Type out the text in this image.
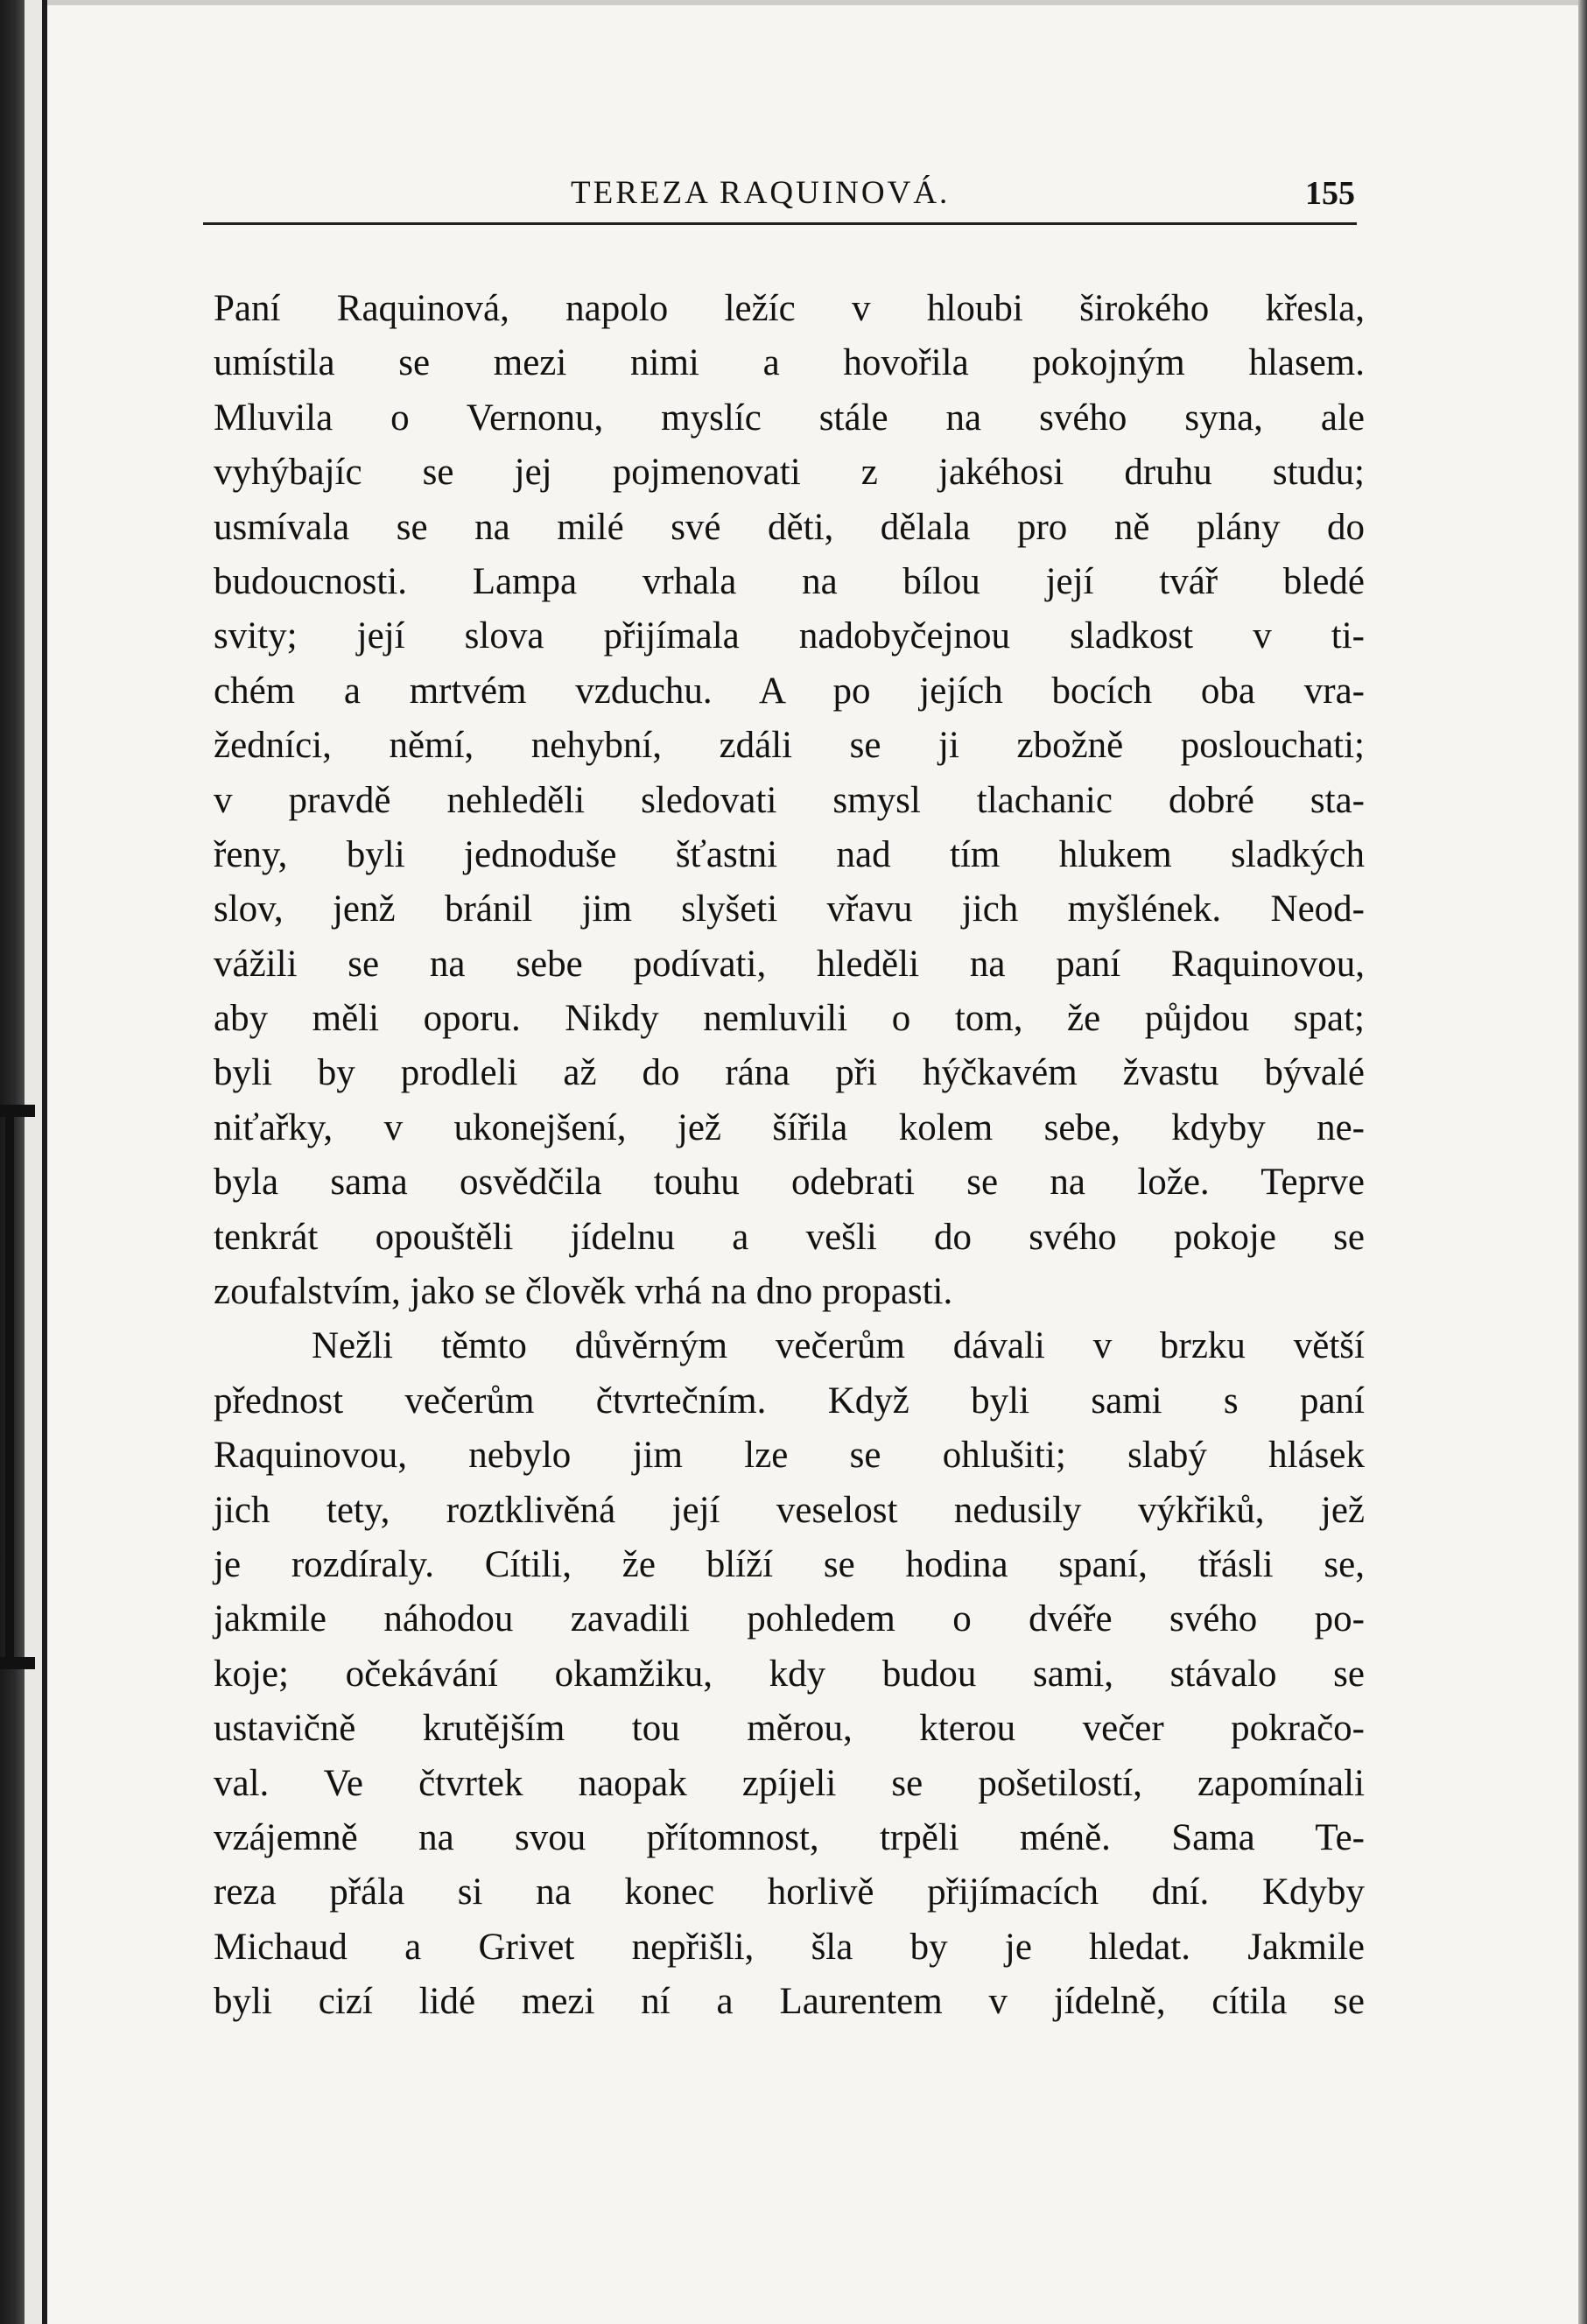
TEREZA RAQUINOVÁ.	155
Paní Raquinová, napolo ležíc v hloubi širokého křesla,
umístila se mezi nimi a hovořila pokojným hlasem.
Mluvila o Vernonu, myslíc stále na svého syna, ale
vyhýbajíc se jej pojmenovati z jakéhosi druhu studu;
usmívala se na milé své děti, dělala pro ně plány do
budoucnosti. Lampa vrhala na bílou její tvář bledé
svity; její slova přijímala nadobyčejnou sladkost v ti-
chém a mrtvém vzduchu. A po jejích bocích oba vra-
žedníci, němí, nehybní, zdáli se ji zbožně poslouchati;
v pravdě nehleděli sledovati smysl tlachanic dobré sta-
řeny, byli jednoduše šťastni nad tím hlukem sladkých
slov, jenž bránil jim slyšeti vřavu jich myšlének. Neod-
vážili se na sebe podívati, hleděli na paní Raquinovou,
aby měli oporu. Nikdy nemluvili o tom, že půjdou spat;
byli by prodleli až do rána při hýčkavém žvastu bývalé
niťařky, v ukonejšení, jež šířila kolem sebe, kdyby ne-
byla sama osvědčila touhu odebrati se na lože. Teprve
tenkrát opouštěli jídelnu a vešli do svého pokoje se
zoufalstvím, jako se člověk vrhá na dno propasti.
Nežli těmto důvěrným večerům dávali v brzku větší
přednost večerům čtvrtečním. Když byli sami s paní
Raquinovou, nebylo jim lze se ohlušiti; slabý hlásek
jich tety, roztklivěná její veselost nedusily výkřiků, jež
je rozdíraly. Cítili, že blíží se hodina spaní, třásli se,
jakmile náhodou zavadili pohledem o dvéře svého po-
koje; očekávání okamžiku, kdy budou sami, stávalo se
ustavičně krutějším tou měrou, kterou večer pokračo-
val. Ve čtvrtek naopak zpíjeli se pošetilostí, zapomínali
vzájemně na svou přítomnost, trpěli méně. Sama Te-
reza přála si na konec horlivě přijímacích dní. Kdyby
Michaud a Grivet nepřišli, šla by je hledat. Jakmile
byli cizí lidé mezi ní a Laurentem v jídelně, cítila se
